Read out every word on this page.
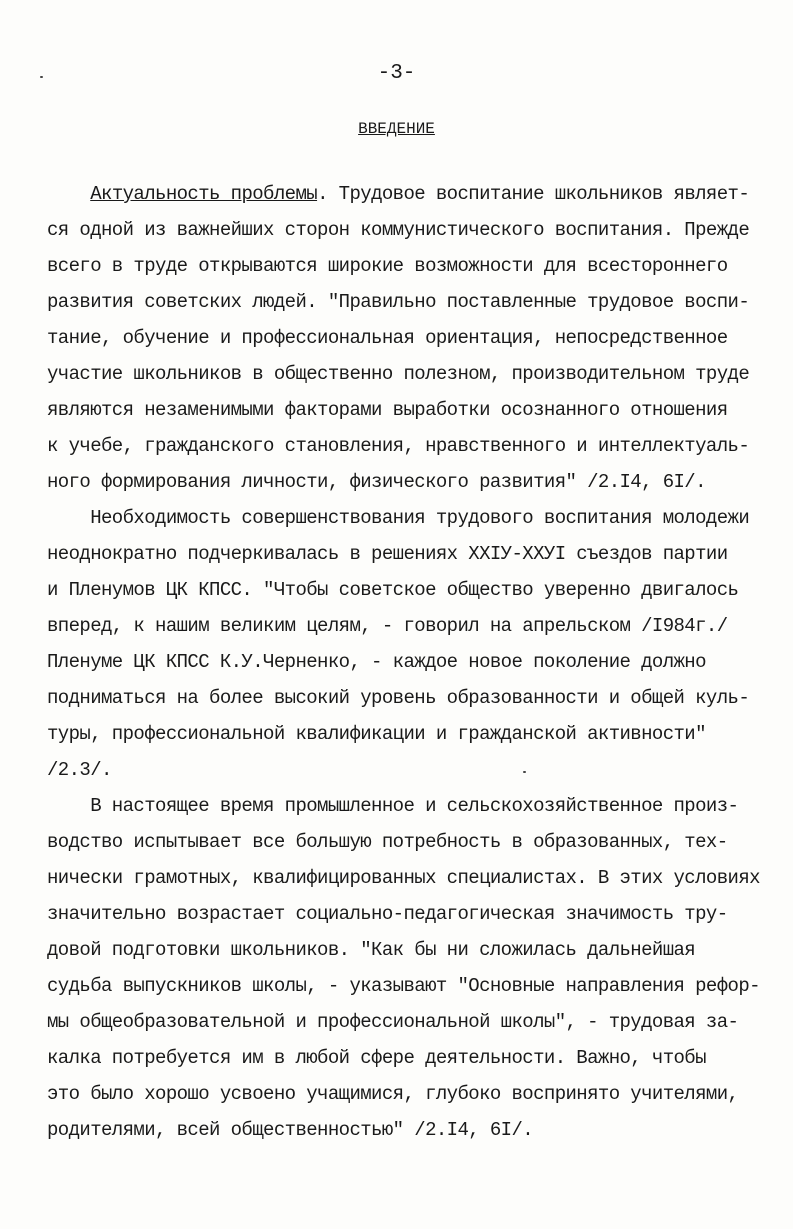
-3-
ВВЕДЕНИЕ
Актуальность проблемы. Трудовое воспитание школьников являет-
ся одной из важнейших сторон коммунистического воспитания. Прежде
всего в труде открываются широкие возможности для всестороннего
развития советских людей. "Правильно поставленные трудовое воспи-
тание, обучение и профессиональная ориентация, непосредственное
участие школьников в общественно полезном, производительном труде
являются незаменимыми факторами выработки осознанного отношения
к учебе, гражданского становления, нравственного и интеллектуаль-
ного формирования личности, физического развития" /2.I4, 6I/.
Необходимость совершенствования трудового воспитания молодежи
неоднократно подчеркивалась в решениях ХХIУ-ХХУI съездов партии
и Пленумов ЦК КПСС. "Чтобы советское общество уверенно двигалось
вперед, к нашим великим целям, - говорил на апрельском /I984г./
Пленуме ЦК КПСС К.У.Черненко, - каждое новое поколение должно
подниматься на более высокий уровень образованности и общей куль-
туры, профессиональной квалификации и гражданской активности"
/2.3/.
В настоящее время промышленное и сельскохозяйственное произ-
водство испытывает все большую потребность в образованных, тех-
нически грамотных, квалифицированных специалистах. В этих условиях
значительно возрастает социально-педагогическая значимость тру-
довой подготовки школьников. "Как бы ни сложилась дальнейшая
судьба выпускников школы, - указывают "Основные направления рефор-
мы общеобразовательной и профессиональной школы", - трудовая за-
калка потребуется им в любой сфере деятельности. Важно, чтобы
это было хорошо усвоено учащимися, глубоко воспринято учителями,
родителями, всей общественностью" /2.I4, 6I/.
